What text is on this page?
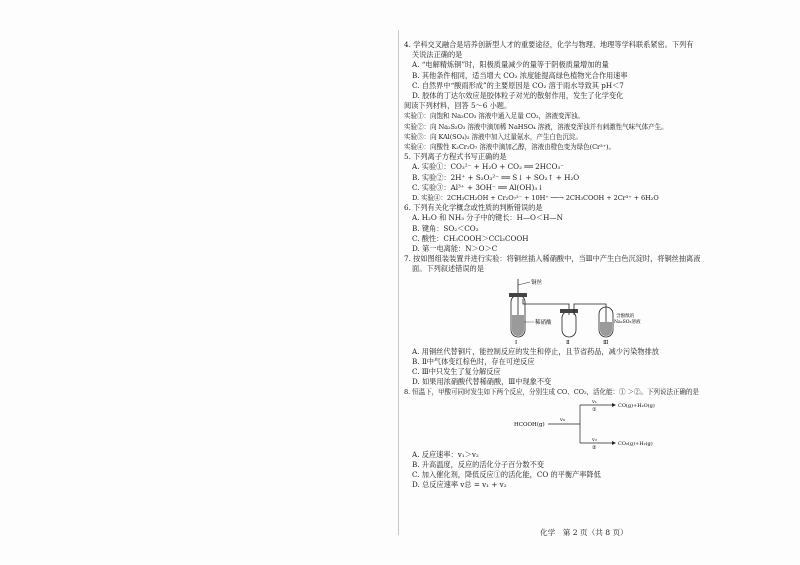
4. 学科交叉融合是培养创新型人才的重要途径，化学与物理、地理等学科联系紧密。下列有
关说法正确的是

A. “电解精炼铜”时，阳极质量减少的量等于阴极质量增加的量

B. 其他条件相同，适当增大 CO₂ 浓度能提高绿色植物光合作用速率

C. 自然界中“酸雨形成”的主要原因是 CO₂ 溶于雨水导致其 pH＜7

D. 胶体的丁达尔效应是胶体粒子对光的散射作用，发生了化学变化

阅读下列材料，回答 5～6 小题。

实验①：向饱和 Na₂CO₃ 溶液中通入足量 CO₂，溶液变浑浊。

实验②：向 Na₂S₂O₃ 溶液中滴加稀 NaHSO₄ 溶液，溶液变浑浊并有刺激性气味气体产生。

实验③：向 KAl(SO₄)₂ 溶液中加入过量氨水，产生白色沉淀。

实验④：向酸性 K₂Cr₂O₇ 溶液中滴加乙醇，溶液由橙色变为绿色(Cr³⁺)。

5. 下列离子方程式书写正确的是

A. 实验①：CO₃²⁻ + H₂O + CO₂ ══ 2HCO₃⁻

B. 实验②：2H⁺ + S₂O₃²⁻ ══ S↓ + SO₂↑ + H₂O

C. 实验③：Al³⁺ + 3OH⁻ ══ Al(OH)₃↓

D. 实验④：2CH₃CH₂OH + Cr₂O₇²⁻ + 10H⁺ ──→ 2CH₃COOH + 2Cr³⁺ + 6H₂O

6. 下列有关化学概念或性质的判断错误的是

A. H₂O 和 NH₃ 分子中的键长：H—O＜H—N

B. 键角：SO₂＜CO₂

C. 酸性：CH₃COOH＞CCl₃COOH

D. 第一电离能：N＞O＞C

7. 按如图组装装置并进行实验：将铜丝插入稀硝酸中，当Ⅲ中产生白色沉淀时，将铜丝抽离液
面。下列叙述错误的是

铜丝
稀硝酸
含酚酞的
Na₂SO₃溶液
Ⅰ	Ⅱ	Ⅲ

A. 用铜丝代替铜片，能控制反应的发生和停止，且节省药品，减少污染物排放

B. Ⅱ中气体变红棕色时，存在可逆反应

C. Ⅲ中只发生了复分解反应

D. 如果用浓硝酸代替稀硝酸，Ⅲ中现象不变

8. 恒温下，甲酸可同时发生如下两个反应，分别生成 CO、CO₂，活化能：① ＞②。下列说法正确的是

HCOOH(g)
v₀
v₁
①
CO(g)+H₂O(g)
v₂
②
CO₂(g)+H₂(g)

A. 反应速率：v₁＞v₂

B. 升高温度，反应的活化分子百分数不变

C. 加入催化剂，降低反应①的活化能，CO 的平衡产率降低

D. 总反应速率 v总 = v₁ + v₂

化学　第 2 页（共 8 页）
